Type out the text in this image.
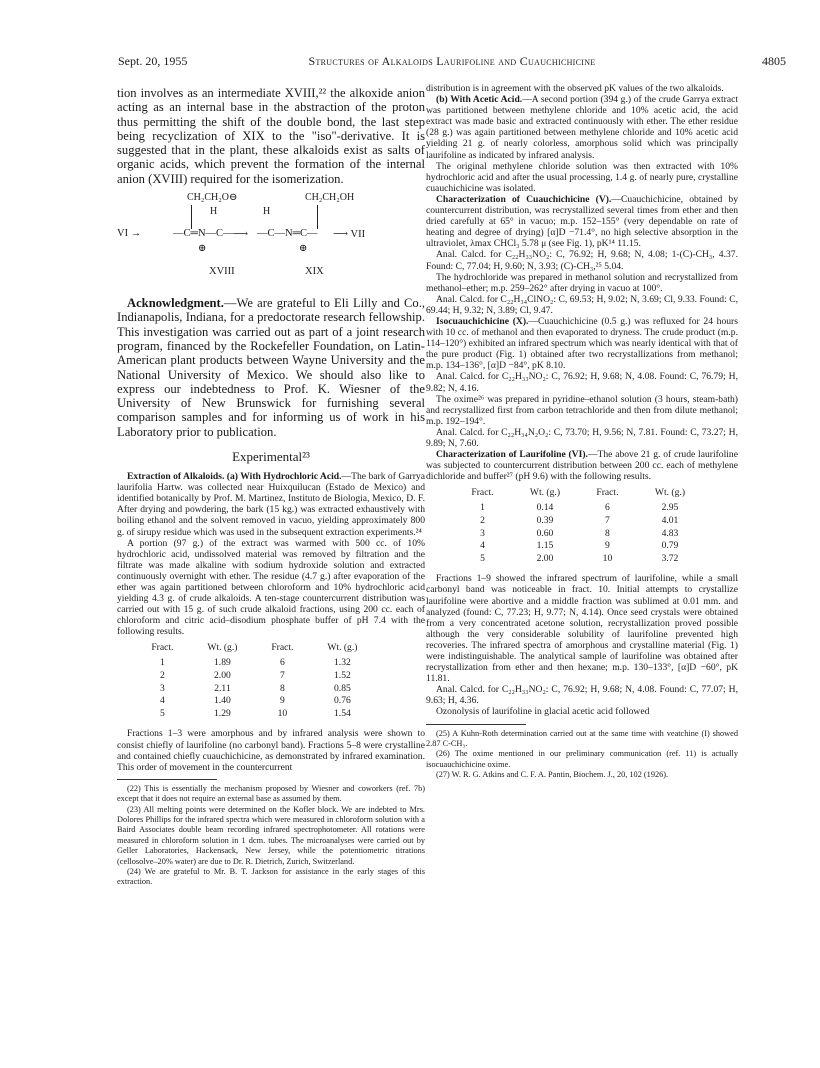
Sept. 20, 1955	Structures of Alkaloids Laurifoline and Cuauchichicine	4805

tion involves as an intermediate XVIII,²² the alkoxide anion acting as an internal base in the abstraction of the proton thus permitting the shift of the double bond, the last step being recyclization of XIX to the "iso"-derivative. It is suggested that in the plant, these alkaloids exist as salts of organic acids, which prevent the formation of the internal anion (XVIII) required for the isomerization.

CH₂CH₂O⊖	CH₂CH₂OH
H	H
VI →	—C═N—C— ⟶ —C—N═C— ⟶ VII
⊕	⊕
XVIII	XIX

Acknowledgment.—We are grateful to Eli Lilly and Co., Indianapolis, Indiana, for a predoctorate research fellowship. This investigation was carried out as part of a joint research program, financed by the Rockefeller Foundation, on Latin-American plant products between Wayne University and the National University of Mexico. We should also like to express our indebtedness to Prof. K. Wiesner of the University of New Brunswick for furnishing several comparison samples and for informing us of work in his Laboratory prior to publication.

Experimental²³

Extraction of Alkaloids. (a) With Hydrochloric Acid.—The bark of Garrya laurifolia Hartw. was collected near Huixquilucan (Estado de Mexico) and identified botanically by Prof. M. Martinez, Instituto de Biologia, Mexico, D. F. After drying and powdering, the bark (15 kg.) was extracted exhaustively with boiling ethanol and the solvent removed in vacuo, yielding approximately 800 g. of sirupy residue which was used in the subsequent extraction experiments.²⁴

A portion (97 g.) of the extract was warmed with 500 cc. of 10% hydrochloric acid, undissolved material was removed by filtration and the filtrate was made alkaline with sodium hydroxide solution and extracted continuously overnight with ether. The residue (4.7 g.) after evaporation of the ether was again partitioned between chloroform and 10% hydrochloric acid yielding 4.3 g. of crude alkaloids. A ten-stage countercurrent distribution was carried out with 15 g. of such crude alkaloid fractions, using 200 cc. each of chloroform and citric acid–disodium phosphate buffer of pH 7.4 with the following results.

Fract.	Wt. (g.)	Fract.	Wt. (g.)
1	1.89	6	1.32
2	2.00	7	1.52
3	2.11	8	0.85
4	1.40	9	0.76
5	1.29	10	1.54

Fractions 1–3 were amorphous and by infrared analysis were shown to consist chiefly of laurifoline (no carbonyl band). Fractions 5–8 were crystalline and contained chiefly cuauchichicine, as demonstrated by infrared examination. This order of movement in the countercurrent

(22) This is essentially the mechanism proposed by Wiesner and coworkers (ref. 7b) except that it does not require an external base as assumed by them.

(23) All melting points were determined on the Kofler block. We are indebted to Mrs. Dolores Phillips for the infrared spectra which were measured in chloroform solution with a Baird Associates double beam recording infrared spectrophotometer. All rotations were measured in chloroform solution in 1 dcm. tubes. The microanalyses were carried out by Geller Laboratories, Hackensack, New Jersey, while the potentiometric titrations (cellosolve–20% water) are due to Dr. R. Dietrich, Zurich, Switzerland.

(24) We are grateful to Mr. B. T. Jackson for assistance in the early stages of this extraction.

distribution is in agreement with the observed pK values of the two alkaloids.

(b) With Acetic Acid.—A second portion (394 g.) of the crude Garrya extract was partitioned between methylene chloride and 10% acetic acid, the acid extract was made basic and extracted continuously with ether. The ether residue (28 g.) was again partitioned between methylene chloride and 10% acetic acid yielding 21 g. of nearly colorless, amorphous solid which was principally laurifoline as indicated by infrared analysis.

The original methylene chloride solution was then extracted with 10% hydrochloric acid and after the usual processing, 1.4 g. of nearly pure, crystalline cuauchichicine was isolated.

Characterization of Cuauchichicine (V).—Cuauchichicine, obtained by countercurrent distribution, was recrystallized several times from ether and then dried carefully at 65° in vacuo; m.p. 152–155° (very dependable on rate of heating and degree of drying) [α]D −71.4°, no high selective absorption in the ultraviolet, λmax CHCl₃ 5.78 μ (see Fig. 1), pK¹⁴ 11.15.

Anal. Calcd. for C₂₂H₃₃NO₂: C, 76.92; H, 9.68; N, 4.08; 1-(C)-CH₃, 4.37. Found: C, 77.04; H, 9.60; N, 3.93; (C)-CH₃,²⁵ 5.04.

The hydrochloride was prepared in methanol solution and recrystallized from methanol–ether; m.p. 259–262° after drying in vacuo at 100°.

Anal. Calcd. for C₂₂H₃₄ClNO₂: C, 69.53; H, 9.02; N, 3.69; Cl, 9.33. Found: C, 69.44; H, 9.32; N, 3.89; Cl, 9.47.

Isocuauchichicine (X).—Cuauchichicine (0.5 g.) was refluxed for 24 hours with 10 cc. of methanol and then evaporated to dryness. The crude product (m.p. 114–120°) exhibited an infrared spectrum which was nearly identical with that of the pure product (Fig. 1) obtained after two recrystallizations from methanol; m.p. 134–136°, [α]D −84°, pK 8.10.

Anal. Calcd. for C₂₂H₃₃NO₂: C, 76.92; H, 9.68; N, 4.08. Found: C, 76.79; H, 9.82; N, 4.16.

The oxime²⁶ was prepared in pyridine–ethanol solution (3 hours, steam-bath) and recrystallized first from carbon tetrachloride and then from dilute methanol; m.p. 192–194°.

Anal. Calcd. for C₂₂H₃₄N₂O₂: C, 73.70; H, 9.56; N, 7.81. Found: C, 73.27; H, 9.89; N, 7.60.

Characterization of Laurifoline (VI).—The above 21 g. of crude laurifoline was subjected to countercurrent distribution between 200 cc. each of methylene dichloride and buffer²⁷ (pH 9.6) with the following results.

Fract.	Wt. (g.)	Fract.	Wt. (g.)
1	0.14	6	2.95
2	0.39	7	4.01
3	0.60	8	4.83
4	1.15	9	0.79
5	2.00	10	3.72

Fractions 1–9 showed the infrared spectrum of laurifoline, while a small carbonyl band was noticeable in fract. 10. Initial attempts to crystallize laurifoline were abortive and a middle fraction was sublimed at 0.01 mm. and analyzed (found: C, 77.23; H, 9.77; N, 4.14). Once seed crystals were obtained from a very concentrated acetone solution, recrystallization proved possible although the very considerable solubility of laurifoline prevented high recoveries. The infrared spectra of amorphous and crystalline material (Fig. 1) were indistinguishable. The analytical sample of laurifoline was obtained after recrystallization from ether and then hexane; m.p. 130–133°, [α]D −60°, pK 11.81.

Anal. Calcd. for C₂₂H₃₃NO₂: C, 76.92; H, 9.68; N, 4.08. Found: C, 77.07; H, 9.63; H, 4.36.

Ozonolysis of laurifoline in glacial acetic acid followed

(25) A Kuhn-Roth determination carried out at the same time with veatchine (I) showed 2.87 C-CH₃.

(26) The oxime mentioned in our preliminary communication (ref. 11) is actually isocuauchichicine oxime.

(27) W. R. G. Atkins and C. F. A. Pantin, Biochem. J., 20, 102 (1926).
